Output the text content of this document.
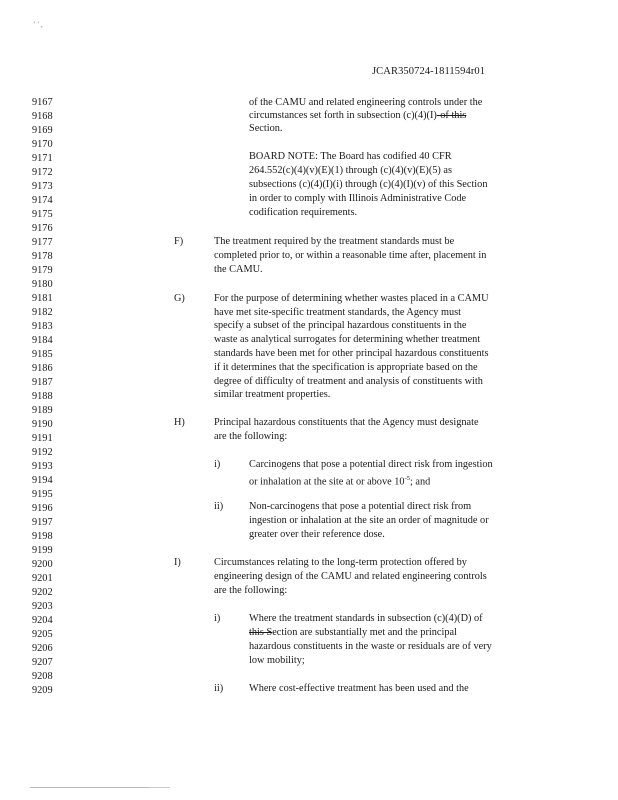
' ' ,
JCAR350724-1811594r01
9167
9168
9169
9170
9171
9172
9173
9174
9175
9176
9177
9178
9179
9180
9181
9182
9183
9184
9185
9186
9187
9188
9189
9190
9191
9192
9193
9194
9195
9196
9197
9198
9199
9200
9201
9202
9203
9204
9205
9206
9207
9208
9209
of the CAMU and related engineering controls under the
circumstances set forth in subsection (c)(4)(I)-of this
Section.
BOARD NOTE: The Board has codified 40 CFR
264.552(c)(4)(v)(E)(1) through (c)(4)(v)(E)(5) as
subsections (c)(4)(I)(i) through (c)(4)(I)(v) of this Section
in order to comply with Illinois Administrative Code
codification requirements.
F)	The treatment required by the treatment standards must be
completed prior to, or within a reasonable time after, placement in
the CAMU.
G)	For the purpose of determining whether wastes placed in a CAMU
have met site-specific treatment standards, the Agency must
specify a subset of the principal hazardous constituents in the
waste as analytical surrogates for determining whether treatment
standards have been met for other principal hazardous constituents
if it determines that the specification is appropriate based on the
degree of difficulty of treatment and analysis of constituents with
similar treatment properties.
H)	Principal hazardous constituents that the Agency must designate
are the following:
i)	Carcinogens that pose a potential direct risk from ingestion
or inhalation at the site at or above $10^{-5}$; and
ii)	Non-carcinogens that pose a potential direct risk from
ingestion or inhalation at the site an order of magnitude or
greater over their reference dose.
I)	Circumstances relating to the long-term protection offered by
engineering design of the CAMU and related engineering controls
are the following:
i)	Where the treatment standards in subsection (c)(4)(D) of
this Section are substantially met and the principal
hazardous constituents in the waste or residuals are of very
low mobility;
ii)	Where cost-effective treatment has been used and the
